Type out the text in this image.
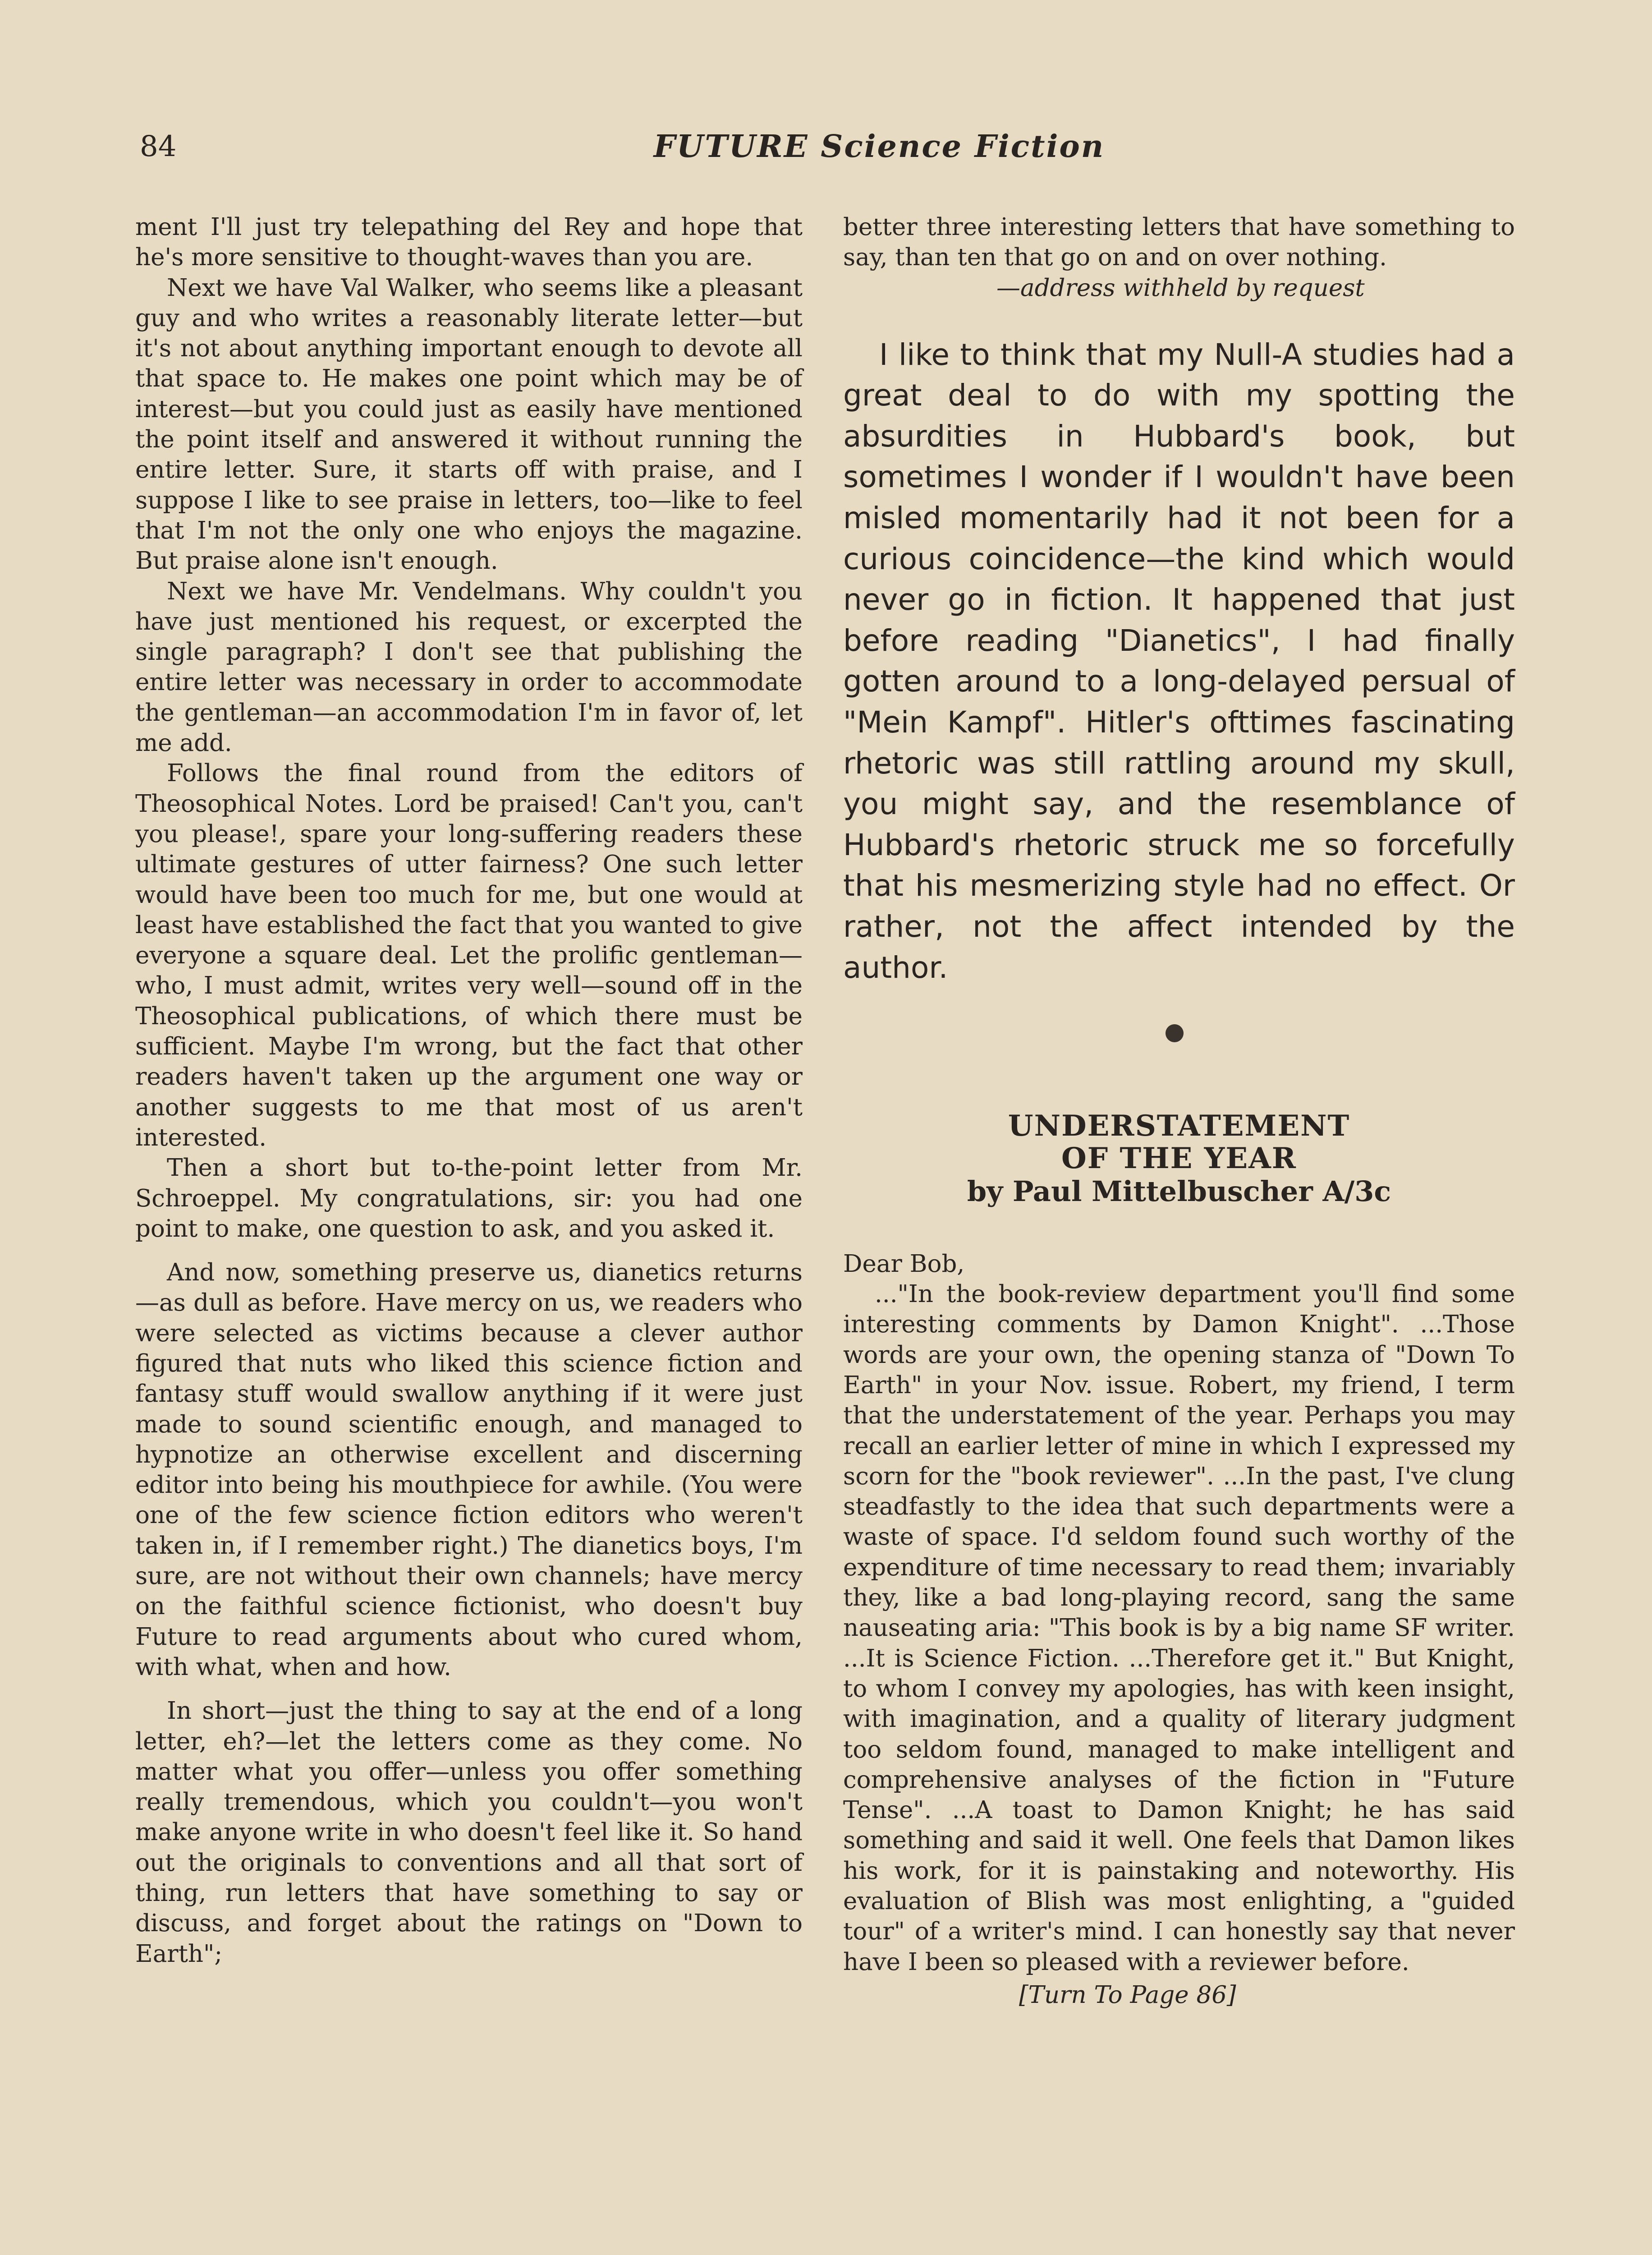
84	FUTURE Science Fiction

ment I'll just try telepathing del Rey and hope that he's more sensitive to thought-waves than you are.

Next we have Val Walker, who seems like a pleasant guy and who writes a reasonably literate letter—but it's not about anything important enough to devote all that space to. He makes one point which may be of interest—but you could just as easily have mentioned the point itself and answered it without running the entire letter. Sure, it starts off with praise, and I suppose I like to see praise in letters, too—like to feel that I'm not the only one who enjoys the magazine. But praise alone isn't enough.

Next we have Mr. Vendelmans. Why couldn't you have just mentioned his request, or excerpted the single paragraph? I don't see that publishing the entire letter was necessary in order to accommodate the gentleman—an accommodation I'm in favor of, let me add.

Follows the final round from the editors of Theosophical Notes. Lord be praised! Can't you, can't you please!, spare your long-suffering readers these ultimate gestures of utter fairness? One such letter would have been too much for me, but one would at least have established the fact that you wanted to give everyone a square deal. Let the prolific gentleman—who, I must admit, writes very well—sound off in the Theosophical publications, of which there must be sufficient. Maybe I'm wrong, but the fact that other readers haven't taken up the argument one way or another suggests to me that most of us aren't interested.

Then a short but to-the-point letter from Mr. Schroeppel. My congratulations, sir: you had one point to make, one question to ask, and you asked it.

And now, something preserve us, dianetics returns—as dull as before. Have mercy on us, we readers who were selected as victims because a clever author figured that nuts who liked this science fiction and fantasy stuff would swallow anything if it were just made to sound scientific enough, and managed to hypnotize an otherwise excellent and discerning editor into being his mouthpiece for awhile. (You were one of the few science fiction editors who weren't taken in, if I remember right.) The dianetics boys, I'm sure, are not without their own channels; have mercy on the faithful science fictionist, who doesn't buy Future to read arguments about who cured whom, with what, when and how.

In short—just the thing to say at the end of a long letter, eh?—let the letters come as they come. No matter what you offer—unless you offer something really tremendous, which you couldn't—you won't make anyone write in who doesn't feel like it. So hand out the originals to conventions and all that sort of thing, run letters that have something to say or discuss, and forget about the ratings on "Down to Earth";

better three interesting letters that have something to say, than ten that go on and on over nothing.

—address withheld by request

I like to think that my Null-A studies had a great deal to do with my spotting the absurdities in Hubbard's book, but sometimes I wonder if I wouldn't have been misled momentarily had it not been for a curious coincidence—the kind which would never go in fiction. It happened that just before reading "Dianetics", I had finally gotten around to a long-delayed persual of "Mein Kampf". Hitler's ofttimes fascinating rhetoric was still rattling around my skull, you might say, and the resemblance of Hubbard's rhetoric struck me so forcefully that his mesmerizing style had no effect. Or rather, not the affect intended by the author.

UNDERSTATEMENT

OF THE YEAR

by Paul Mittelbuscher A/3c

Dear Bob,

..."In the book-review department you'll find some interesting comments by Damon Knight". ...Those words are your own, the opening stanza of "Down To Earth" in your Nov. issue. Robert, my friend, I term that the understatement of the year. Perhaps you may recall an earlier letter of mine in which I expressed my scorn for the "book reviewer". ...In the past, I've clung steadfastly to the idea that such departments were a waste of space. I'd seldom found such worthy of the expenditure of time necessary to read them; invariably they, like a bad long-playing record, sang the same nauseating aria: "This book is by a big name SF writer. ...It is Science Fiction. ...Therefore get it." But Knight, to whom I convey my apologies, has with keen insight, with imagination, and a quality of literary judgment too seldom found, managed to make intelligent and comprehensive analyses of the fiction in "Future Tense". ...A toast to Damon Knight; he has said something and said it well. One feels that Damon likes his work, for it is painstaking and noteworthy. His evaluation of Blish was most enlighting, a "guided tour" of a writer's mind. I can honestly say that never have I been so pleased with a reviewer before.

[Turn To Page 86]
